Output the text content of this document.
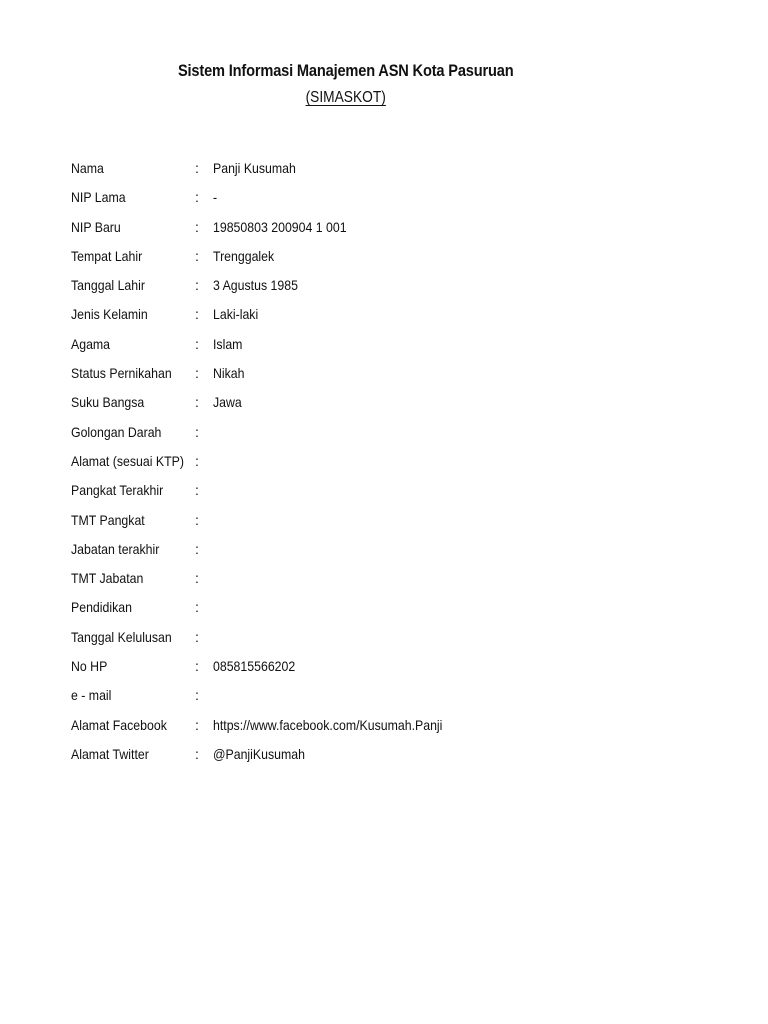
Sistem Informasi Manajemen ASN Kota Pasuruan
(SIMASKOT)
Nama	: Panji Kusumah
NIP Lama	: -
NIP Baru	: 19850803 200904 1 001
Tempat Lahir	: Trenggalek
Tanggal Lahir	: 3 Agustus 1985
Jenis Kelamin	: Laki-laki
Agama	: Islam
Status Pernikahan : Nikah
Suku Bangsa	: Jawa
Golongan Darah :
Alamat (sesuai KTP) :
Pangkat Terakhir :
TMT Pangkat	:
Jabatan terakhir	:
TMT Jabatan	:
Pendidikan	:
Tanggal Kelulusan :
No HP	: 085815566202
e - mail	:
Alamat Facebook : https://www.facebook.com/Kusumah.Panji
Alamat Twitter	: @PanjiKusumah
